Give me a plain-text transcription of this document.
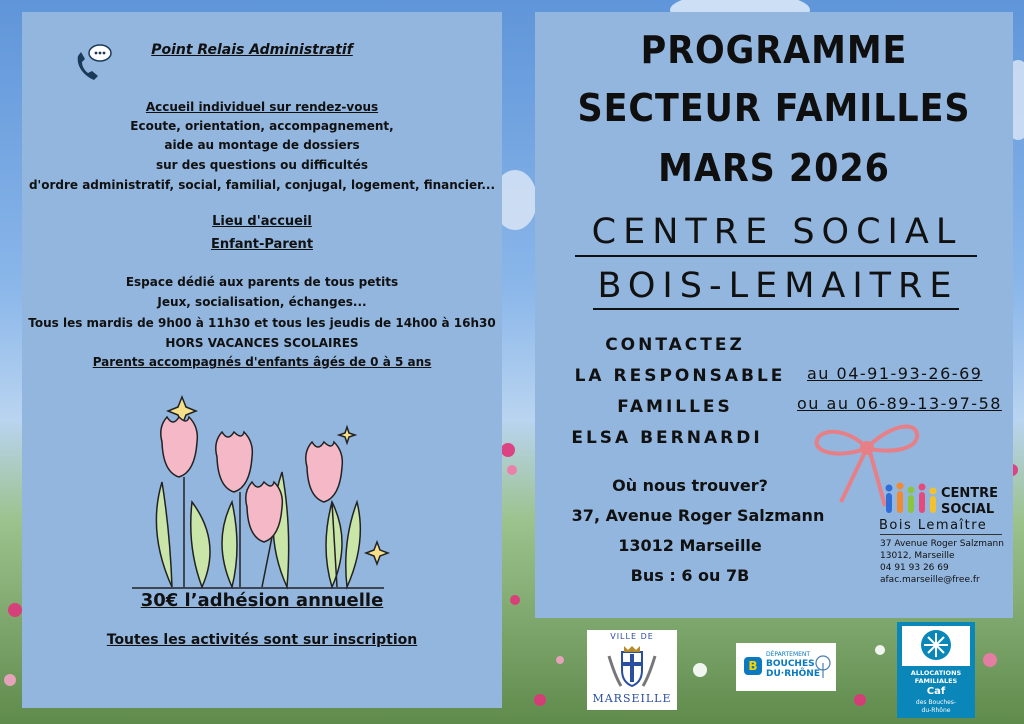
Point Relais Administratif
Accueil individuel sur rendez-vous
Ecoute, orientation, accompagnement,
aide au montage de dossiers
sur des questions ou difficultés
d'ordre administratif, social, familial, conjugal, logement, financier...
Lieu d'accueil
Enfant-Parent
Espace dédié aux parents de tous petits
Jeux, socialisation, échanges...
Tous les mardis de 9h00 à 11h30 et tous les jeudis de 14h00 à 16h30
HORS VACANCES SCOLAIRES
Parents accompagnés d'enfants âgés de 0 à 5 ans
30€ l’adhésion annuelle
Toutes les activités sont sur inscription
PROGRAMME
SECTEUR FAMILLES
MARS 2026
CENTRE SOCIAL
BOIS-LEMAITRE
CONTACTEZ
LA RESPONSABLE
FAMILLES
ELSA BERNARDI
au 04-91-93-26-69
ou au 06-89-13-97-58
Où nous trouver?
37, Avenue Roger Salzmann
13012 Marseille
Bus : 6 ou 7B
CENTRE
SOCIAL
Bois Lemaître
37 Avenue Roger Salzmann
13012, Marseille
04 91 93 26 69
afac.marseille@free.fr
VILLE DE
MARSEILLE
B
DÉPARTEMENT
BOUCHES
DU·RHÔNE	ALLOCATIONS
FAMILIALES
Caf
des Bouches-
du-Rhône
